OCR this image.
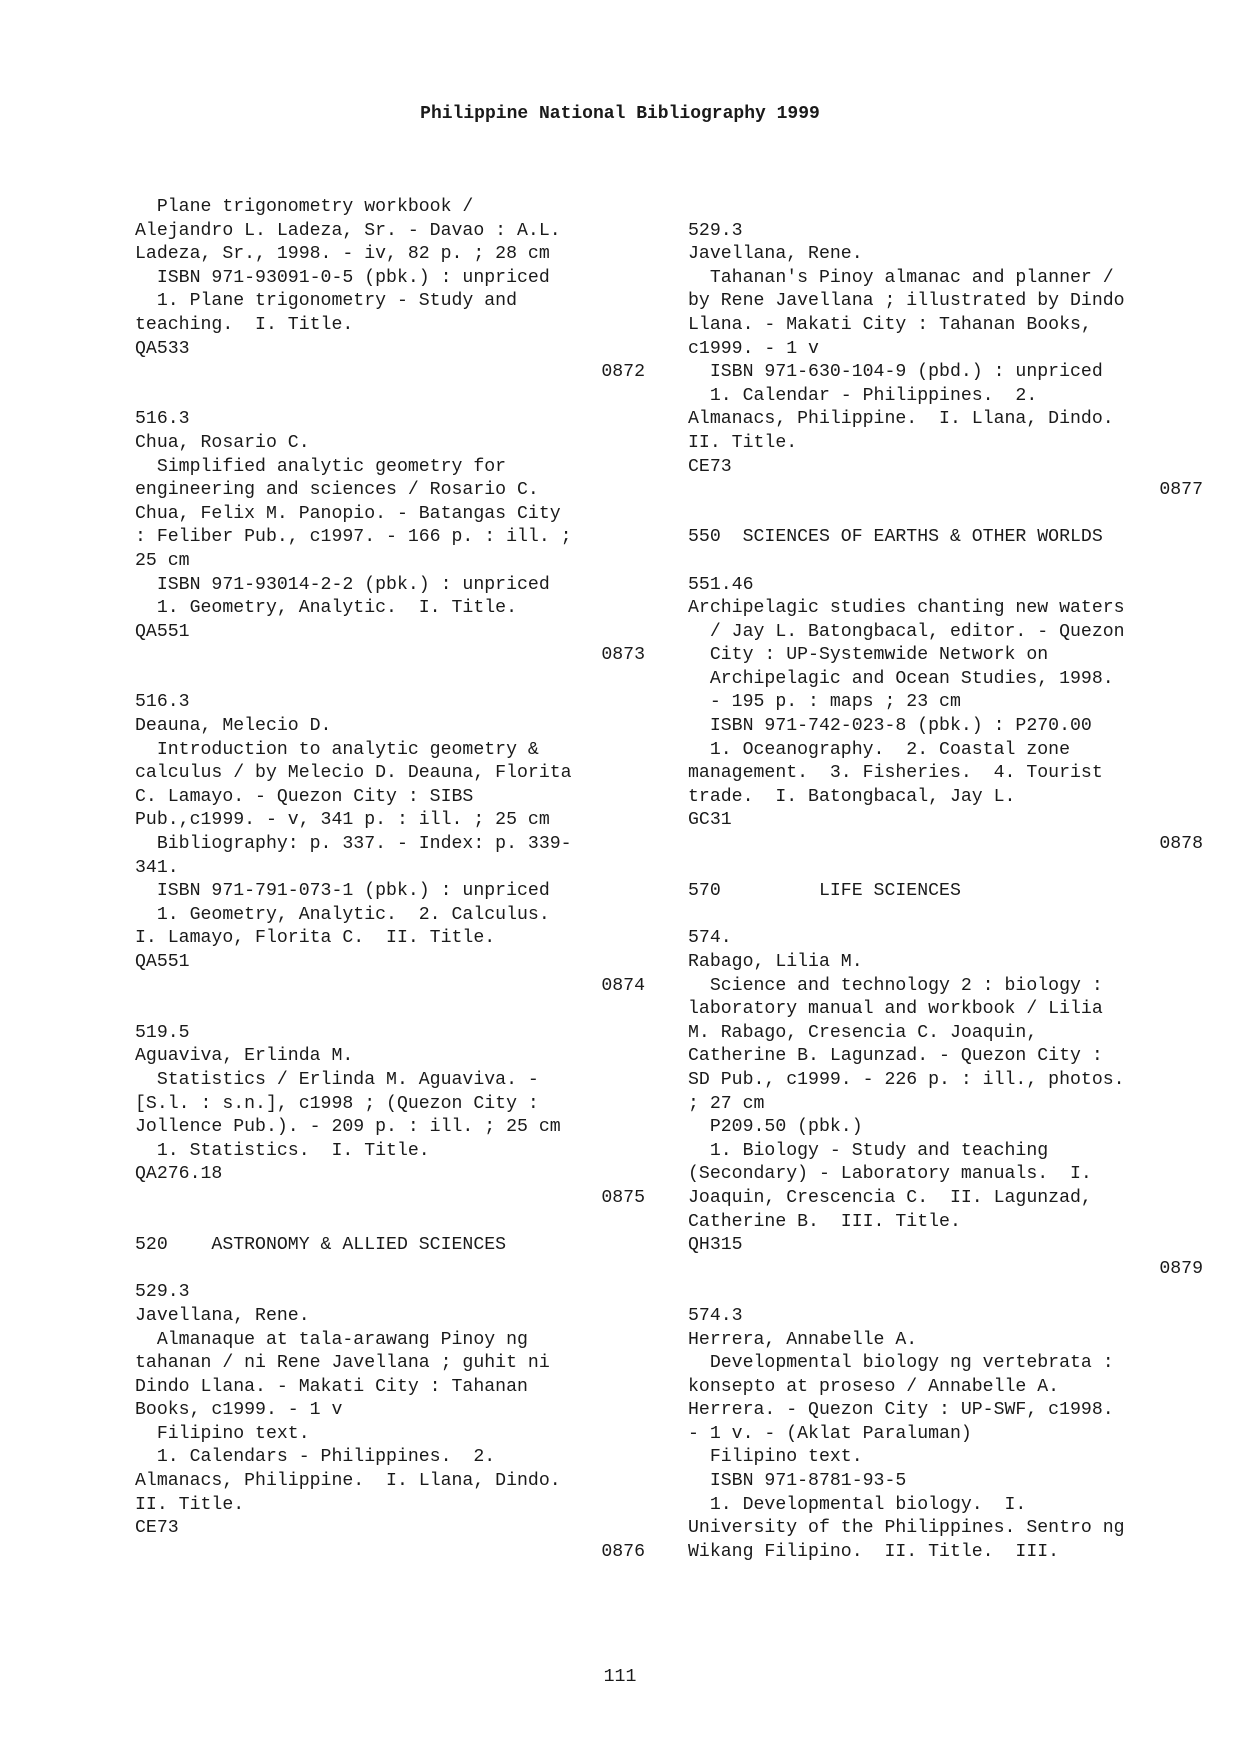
Philippine National Bibliography 1999
Plane trigonometry workbook /
Alejandro L. Ladeza, Sr. - Davao : A.L.
Ladeza, Sr., 1998. - iv, 82 p. ; 28 cm
ISBN 971-93091-0-5 (pbk.) : unpriced
1. Plane trigonometry - Study and
teaching.  I. Title.
QA533
0872
516.3
Chua, Rosario C.
Simplified analytic geometry for
engineering and sciences / Rosario C.
Chua, Felix M. Panopio. - Batangas City
: Feliber Pub., c1997. - 166 p. : ill. ;
25 cm
ISBN 971-93014-2-2 (pbk.) : unpriced
1. Geometry, Analytic.  I. Title.
QA551
0873
516.3
Deauna, Melecio D.
Introduction to analytic geometry &
calculus / by Melecio D. Deauna, Florita
C. Lamayo. - Quezon City : SIBS
Pub.,c1999. - v, 341 p. : ill. ; 25 cm
Bibliography: p. 337. - Index: p. 339-
341.
ISBN 971-791-073-1 (pbk.) : unpriced
1. Geometry, Analytic.  2. Calculus.
I. Lamayo, Florita C.  II. Title.
QA551
0874
519.5
Aguaviva, Erlinda M.
Statistics / Erlinda M. Aguaviva. -
[S.l. : s.n.], c1998 ; (Quezon City :
Jollence Pub.). - 209 p. : ill. ; 25 cm
1. Statistics.  I. Title.
QA276.18
0875
520    ASTRONOMY & ALLIED SCIENCES
529.3
Javellana, Rene.
Almanaque at tala-arawang Pinoy ng
tahanan / ni Rene Javellana ; guhit ni
Dindo Llana. - Makati City : Tahanan
Books, c1999. - 1 v
Filipino text.
1. Calendars - Philippines.  2.
Almanacs, Philippine.  I. Llana, Dindo.
II. Title.
CE73
0876
529.3
Javellana, Rene.
Tahanan's Pinoy almanac and planner /
by Rene Javellana ; illustrated by Dindo
Llana. - Makati City : Tahanan Books,
c1999. - 1 v
ISBN 971-630-104-9 (pbd.) : unpriced
1. Calendar - Philippines.  2.
Almanacs, Philippine.  I. Llana, Dindo.
II. Title.
CE73
0877
550  SCIENCES OF EARTHS & OTHER WORLDS
551.46
Archipelagic studies chanting new waters
/ Jay L. Batongbacal, editor. - Quezon
City : UP-Systemwide Network on
Archipelagic and Ocean Studies, 1998.
- 195 p. : maps ; 23 cm
ISBN 971-742-023-8 (pbk.) : P270.00
1. Oceanography.  2. Coastal zone
management.  3. Fisheries.  4. Tourist
trade.  I. Batongbacal, Jay L.
GC31
0878
570         LIFE SCIENCES
574.
Rabago, Lilia M.
Science and technology 2 : biology :
laboratory manual and workbook / Lilia
M. Rabago, Cresencia C. Joaquin,
Catherine B. Lagunzad. - Quezon City :
SD Pub., c1999. - 226 p. : ill., photos.
; 27 cm
P209.50 (pbk.)
1. Biology - Study and teaching
(Secondary) - Laboratory manuals.  I.
Joaquin, Crescencia C.  II. Lagunzad,
Catherine B.  III. Title.
QH315
0879
574.3
Herrera, Annabelle A.
Developmental biology ng vertebrata :
konsepto at proseso / Annabelle A.
Herrera. - Quezon City : UP-SWF, c1998.
- 1 v. - (Aklat Paraluman)
Filipino text.
ISBN 971-8781-93-5
1. Developmental biology.  I.
University of the Philippines. Sentro ng
Wikang Filipino.  II. Title.  III.
111
